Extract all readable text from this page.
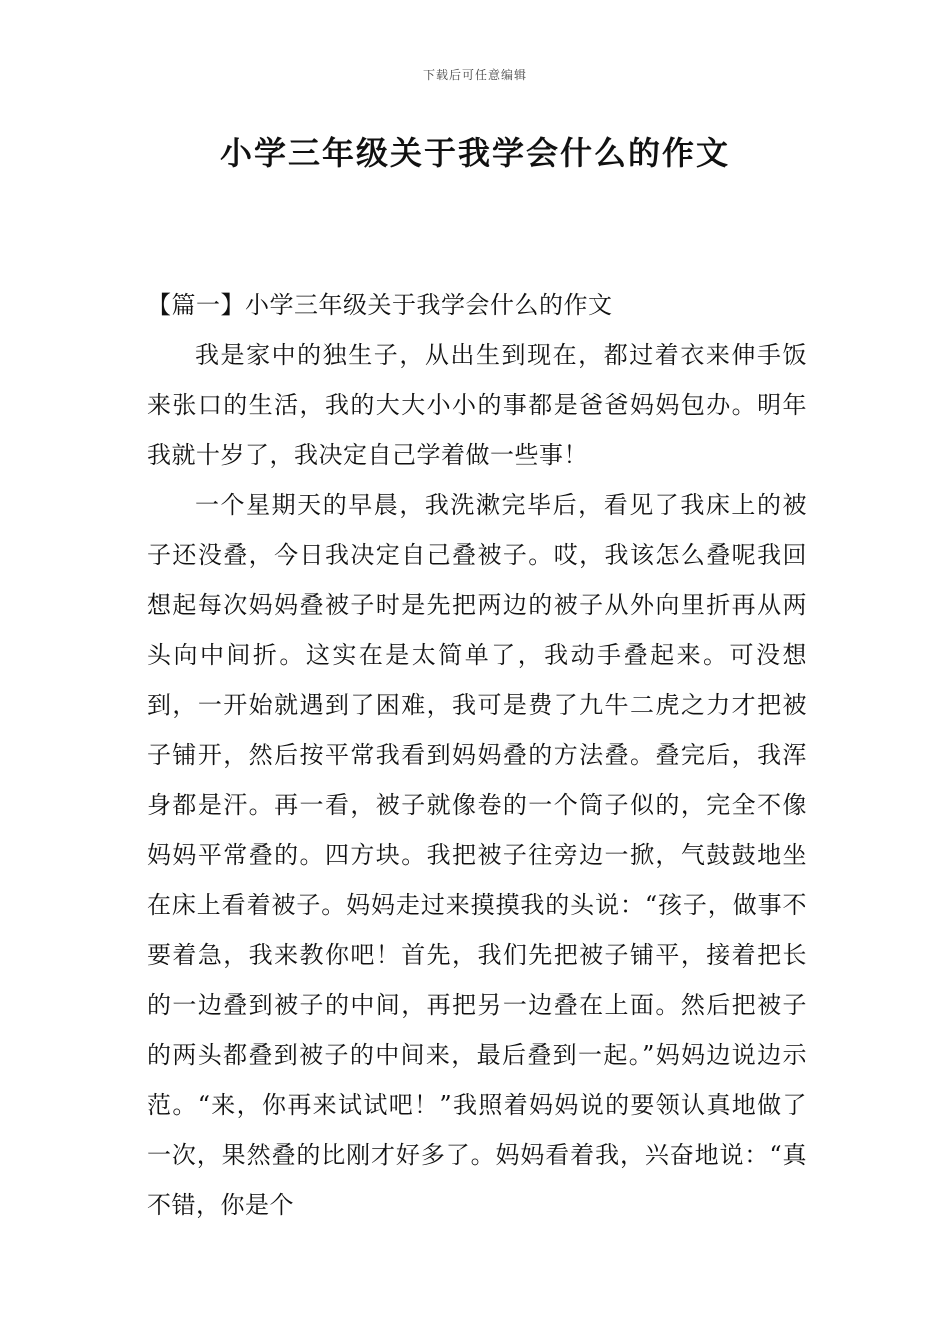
下载后可任意编辑
小学三年级关于我学会什么的作文

【篇一】小学三年级关于我学会什么的作文

我是家中的独生子，从出生到现在，都过着衣来伸手饭来张口的生活，我的大大小小的事都是爸爸妈妈包办。明年我就十岁了，我决定自己学着做一些事！

一个星期天的早晨，我洗漱完毕后，看见了我床上的被子还没叠，今日我决定自己叠被子。哎，我该怎么叠呢我回想起每次妈妈叠被子时是先把两边的被子从外向里折再从两头向中间折。这实在是太简单了，我动手叠起来。可没想到，一开始就遇到了困难，我可是费了九牛二虎之力才把被子铺开，然后按平常我看到妈妈叠的方法叠。叠完后，我浑身都是汗。再一看，被子就像卷的一个筒子似的，完全不像妈妈平常叠的。四方块。我把被子往旁边一掀，气鼓鼓地坐在床上看着被子。妈妈走过来摸摸我的头说：“孩子，做事不要着急，我来教你吧！首先，我们先把被子铺平，接着把长的一边叠到被子的中间，再把另一边叠在上面。然后把被子的两头都叠到被子的中间来，最后叠到一起。”妈妈边说边示范。“来，你再来试试吧！”我照着妈妈说的要领认真地做了一次，果然叠的比刚才好多了。妈妈看着我，兴奋地说：“真不错，你是个
